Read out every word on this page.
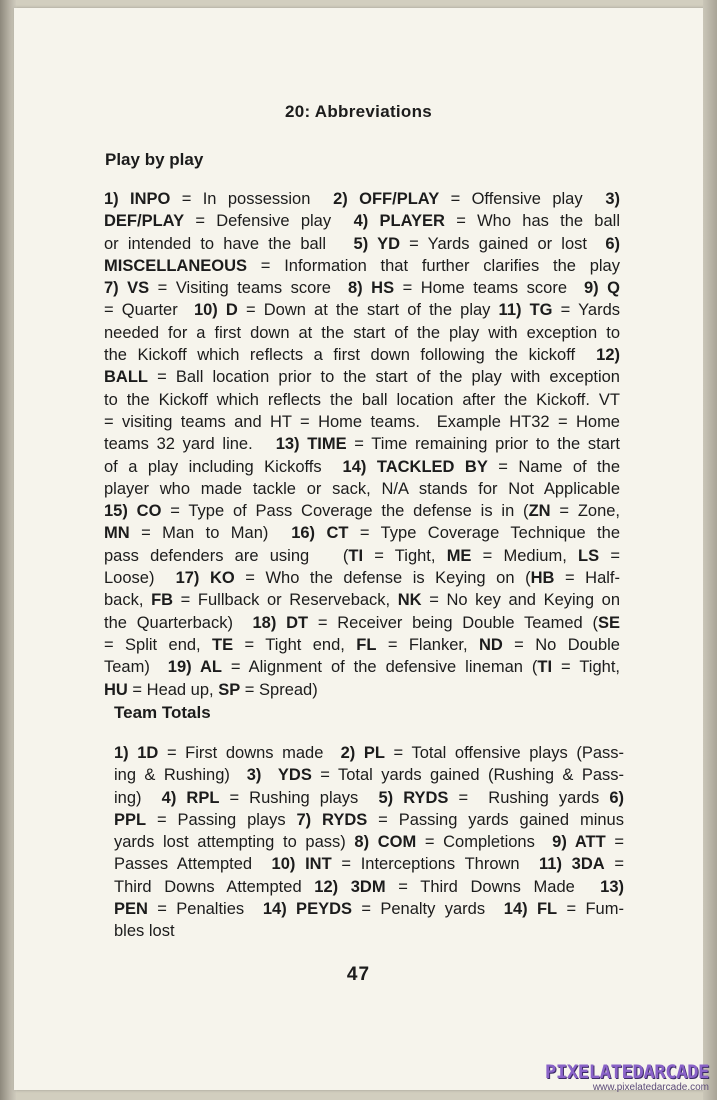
20: Abbreviations
Play by play
1) INPO = In possession  2) OFF/PLAY = Offensive play  3)
DEF/PLAY = Defensive play  4) PLAYER = Who has the ball
or intended to have the ball   5) YD = Yards gained or lost  6)
MISCELLANEOUS = Information that further clarifies the play
7) VS = Visiting teams score  8) HS = Home teams score  9) Q
= Quarter  10) D = Down at the start of the play 11) TG = Yards
needed for a first down at the start of the play with exception to
the Kickoff which reflects a first down following the kickoff  12)
BALL = Ball location prior to the start of the play with exception
to the Kickoff which reflects the ball location after the Kickoff. VT
= visiting teams and HT = Home teams.  Example HT32 = Home
teams 32 yard line.   13) TIME = Time remaining prior to the start
of a play including Kickoffs  14) TACKLED BY = Name of the
player who made tackle or sack, N/A stands for Not Applicable
15) CO = Type of Pass Coverage the defense is in (ZN = Zone,
MN = Man to Man)  16) CT = Type Coverage Technique the
pass defenders are using   (TI = Tight, ME = Medium, LS =
Loose)  17) KO = Who the defense is Keying on (HB = Half-
back, FB = Fullback or Reserveback, NK = No key and Keying on
the Quarterback)  18) DT = Receiver being Double Teamed (SE
= Split end, TE = Tight end, FL = Flanker, ND = No Double
Team)  19) AL = Alignment of the defensive lineman (TI = Tight,
HU = Head up, SP = Spread)
Team Totals
1) 1D = First downs made  2) PL = Total offensive plays (Pass-
ing & Rushing)  3)  YDS = Total yards gained (Rushing & Pass-
ing)  4) RPL = Rushing plays  5) RYDS =  Rushing yards 6)
PPL = Passing plays 7) RYDS = Passing yards gained minus
yards lost attempting to pass) 8) COM = Completions  9) ATT =
Passes Attempted  10) INT = Interceptions Thrown  11) 3DA =
Third Downs Attempted 12) 3DM = Third Downs Made  13)
PEN = Penalties  14) PEYDS = Penalty yards  14) FL = Fum-
bles lost
47
PIXELATEDARCADE
www.pixelatedarcade.com
